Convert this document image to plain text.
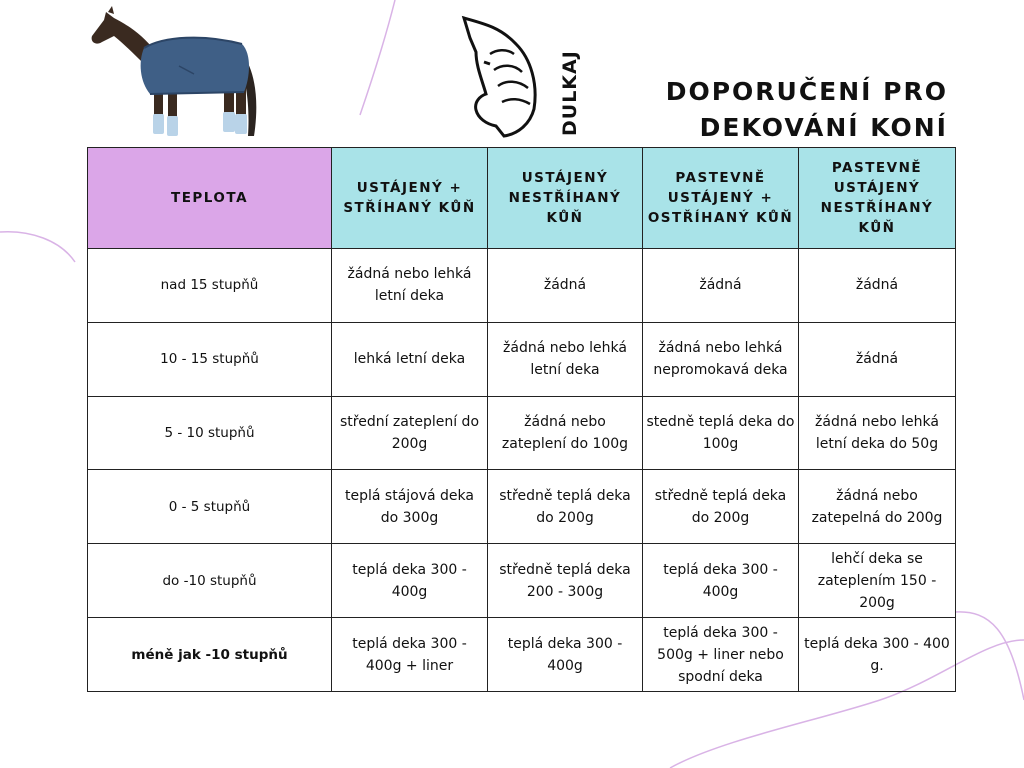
DULKAJ	DOPORUČENÍ PRO
DEKOVÁNÍ KONÍ
TEPLOTA	USTÁJENÝ + STŘÍHANÝ KŮŇ	USTÁJENÝ NESTŘÍHANÝ KŮŇ	PASTEVNĚ USTÁJENÝ + OSTŘÍHANÝ KŮŇ	PASTEVNĚ USTÁJENÝ NESTŘÍHANÝ KŮŇ
nad 15 stupňů	žádná nebo lehká letní deka	žádná	žádná	žádná
10 - 15 stupňů	lehká letní deka	žádná nebo lehká letní deka	žádná nebo lehká nepromokavá deka	žádná
5 - 10 stupňů	střední zateplení do 200g	žádná nebo zateplení do 100g	stedně teplá deka do 100g	žádná nebo lehká letní deka do 50g
0 - 5 stupňů	teplá stájová deka do 300g	středně teplá deka do 200g	středně teplá deka do 200g	žádná nebo zatepelná do 200g
do -10 stupňů	teplá deka 300 - 400g	středně teplá deka 200 - 300g	teplá deka 300 - 400g	lehčí deka se zateplením 150 - 200g
méně jak -10 stupňů	teplá deka 300 - 400g + liner	teplá deka 300 - 400g	teplá deka 300 - 500g + liner nebo spodní deka	teplá deka 300 - 400 g.
